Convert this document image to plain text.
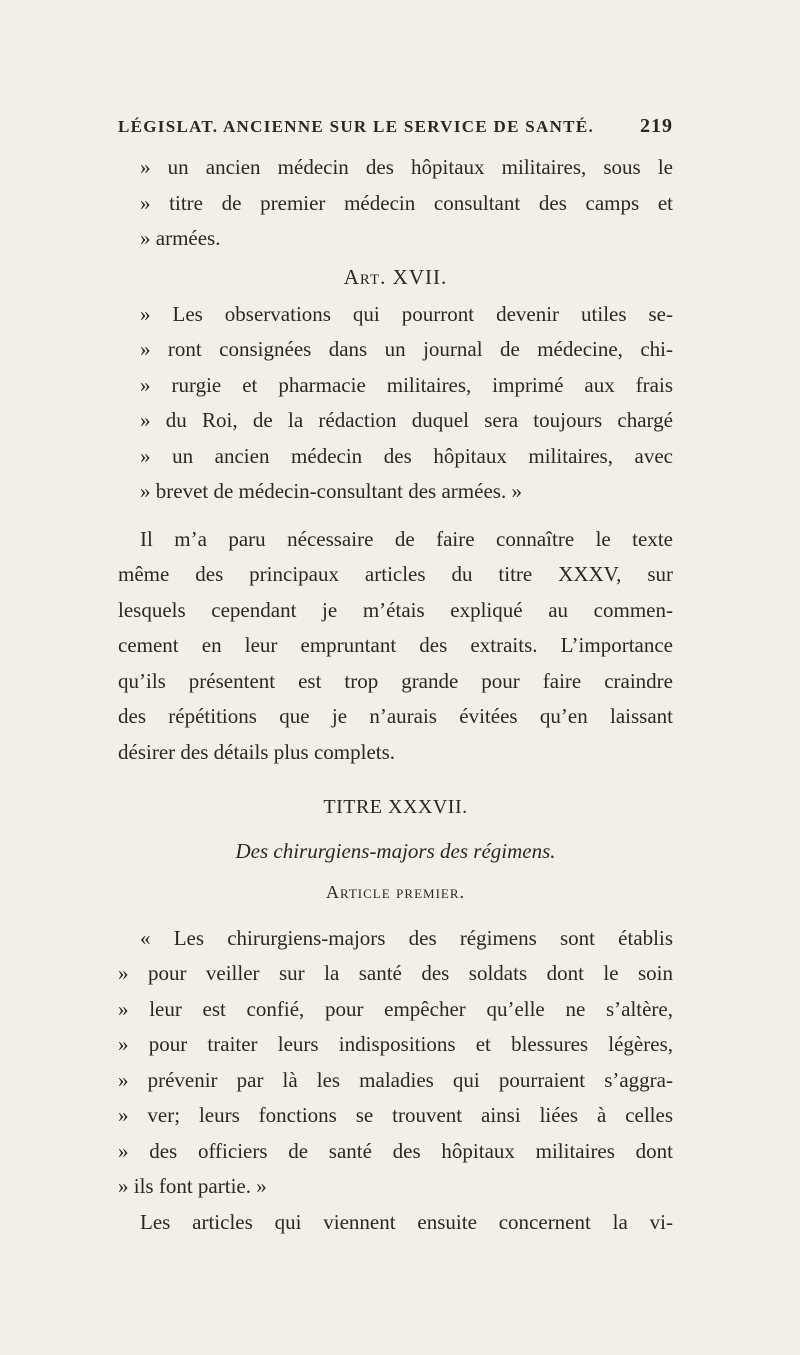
LÉGISLAT. ANCIENNE SUR LE SERVICE DE SANTÉ. 219
» un ancien médecin des hôpitaux militaires, sous le
» titre de premier médecin consultant des camps et
» armées.
Art. XVII.
» Les observations qui pourront devenir utiles se-
» ront consignées dans un journal de médecine, chi-
» rurgie et pharmacie militaires, imprimé aux frais
» du Roi, de la rédaction duquel sera toujours chargé
» un ancien médecin des hôpitaux militaires, avec
» brevet de médecin-consultant des armées. »
Il m’a paru nécessaire de faire connaître le texte
même des principaux articles du titre XXXV, sur
lesquels cependant je m’étais expliqué au commen-
cement en leur empruntant des extraits. L’importance
qu’ils présentent est trop grande pour faire craindre
des répétitions que je n’aurais évitées qu’en laissant
désirer des détails plus complets.
TITRE XXXVII.
Des chirurgiens-majors des régimens.
Article premier.
« Les chirurgiens-majors des régimens sont établis
» pour veiller sur la santé des soldats dont le soin
» leur est confié, pour empêcher qu’elle ne s’altère,
» pour traiter leurs indispositions et blessures légères,
» prévenir par là les maladies qui pourraient s’aggra-
» ver; leurs fonctions se trouvent ainsi liées à celles
» des officiers de santé des hôpitaux militaires dont
» ils font partie. »
Les articles qui viennent ensuite concernent la vi-
